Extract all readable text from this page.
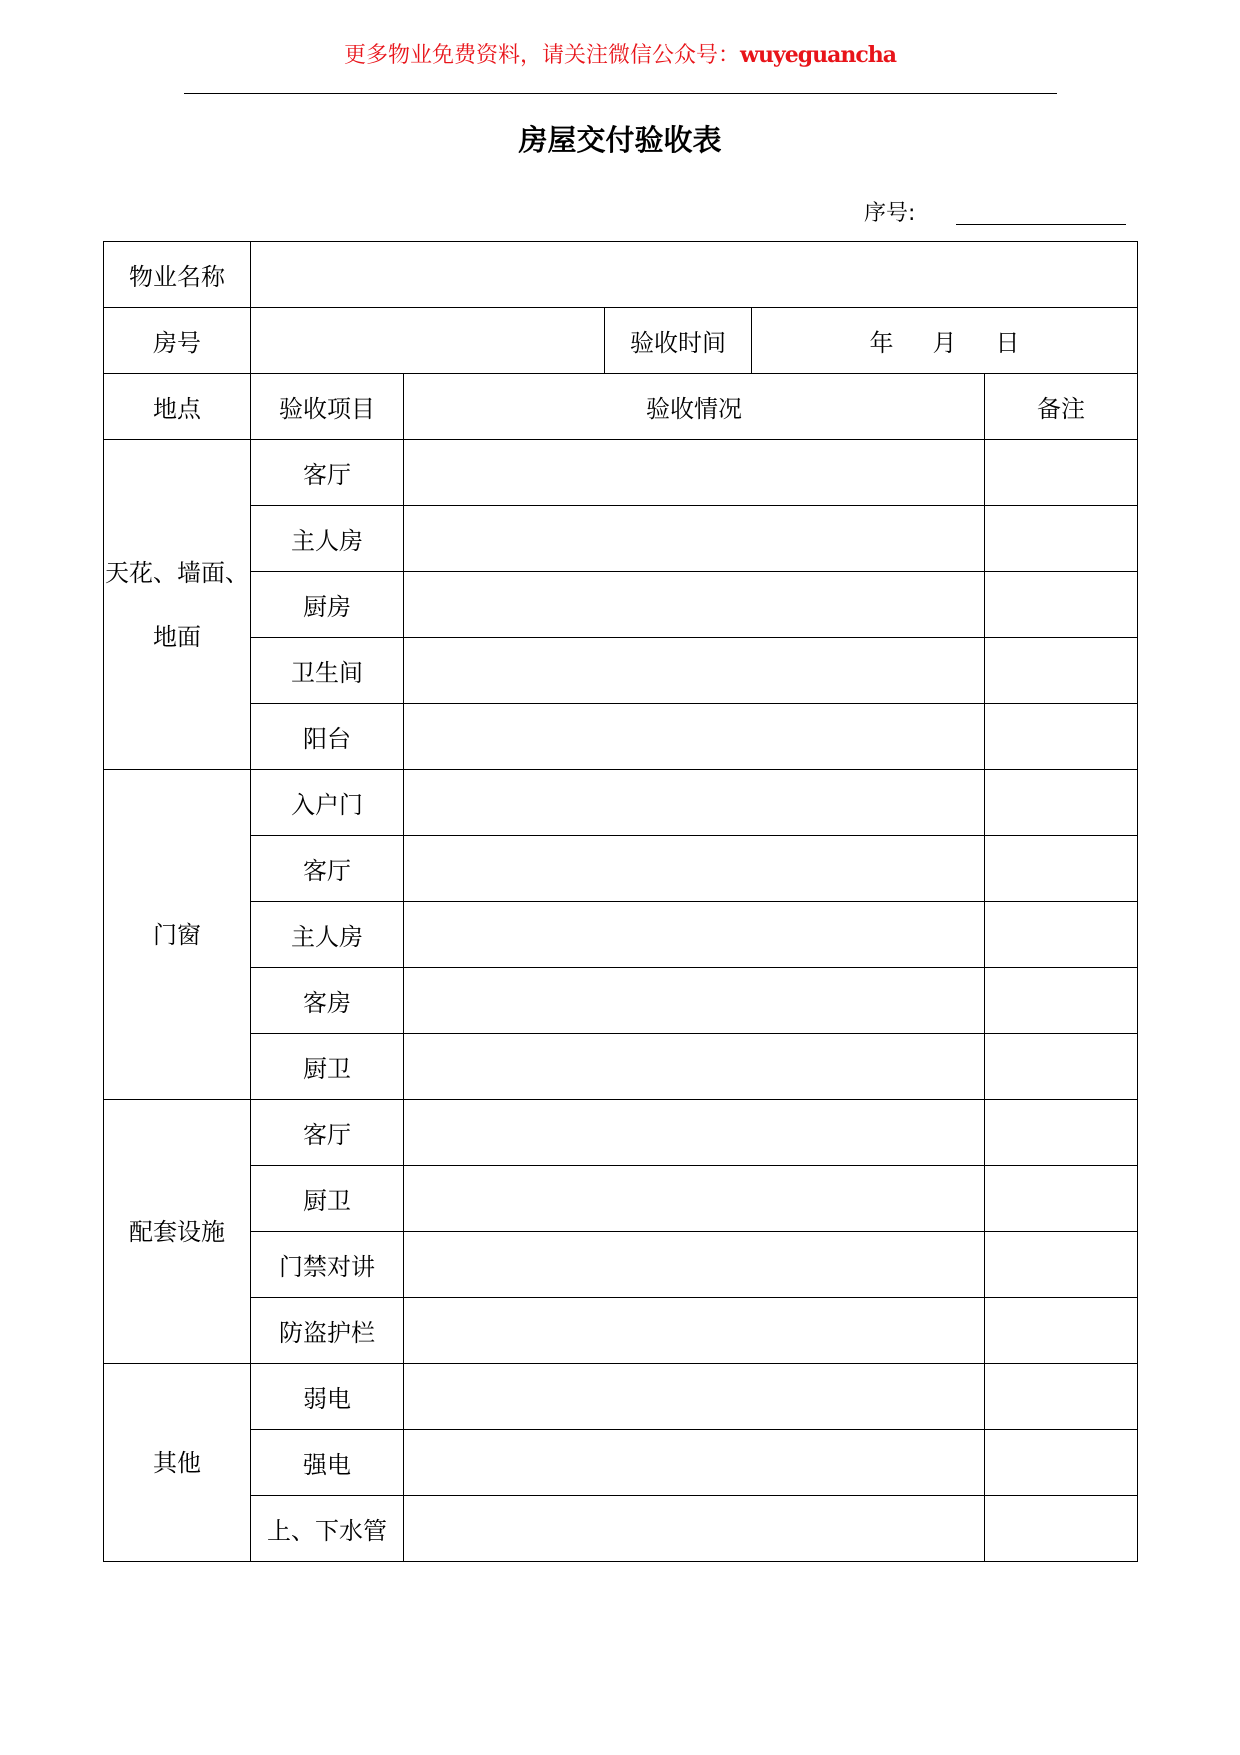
更多物业免费资料，请关注微信公众号：wuyeguancha
房屋交付验收表
序号:
物业名称					
房号			验收时间	年 月 日	
地点	验收项目	验收情况			备注
天花、墙面、
地面	客厅				
	主人房				
	厨房				
	卫生间				
	阳台				
门窗	入户门				
	客厅				
	主人房				
	客房				
	厨卫				
配套设施	客厅				
	厨卫				
	门禁对讲				
	防盗护栏				
其他	弱电				
	强电				
	上、下水管				
